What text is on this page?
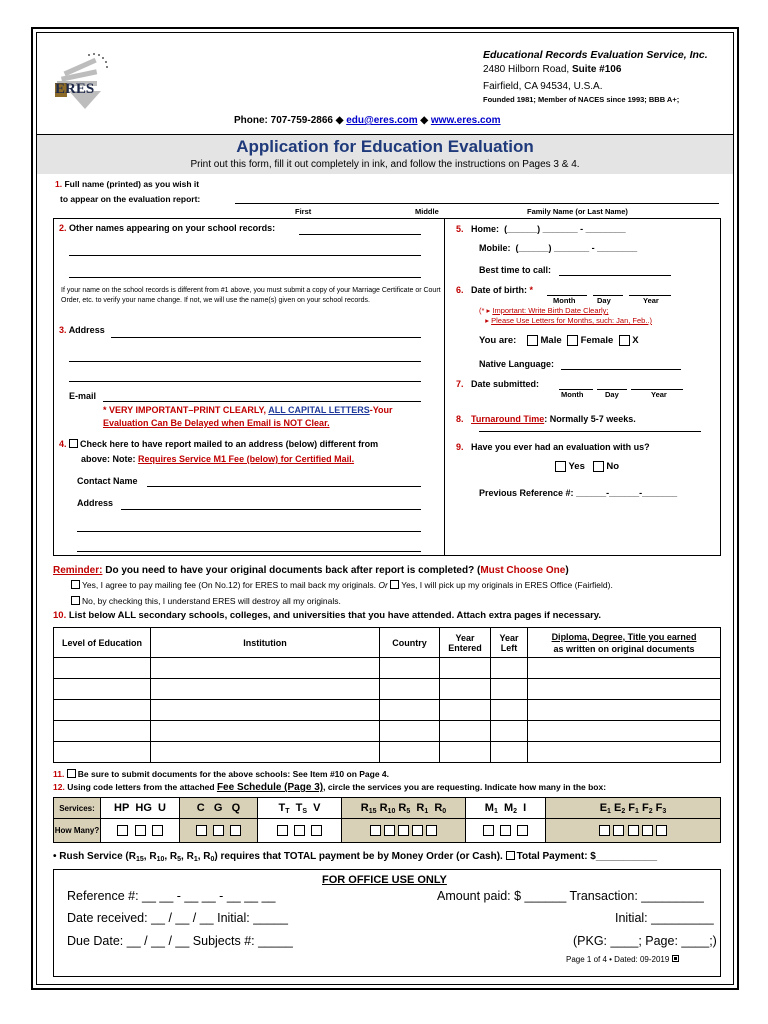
ERES
Educational Records Evaluation Service, Inc.
2480 Hilborn Road, Suite #106
Fairfield, CA 94534, U.S.A.
Founded 1981; Member of NACES since 1993; BBB A+;
Phone: 707-759-2866 ◆ edu@eres.com ◆ www.eres.com
Application for Education Evaluation
Print out this form, fill it out completely in ink, and follow the instructions on Pages 3 & 4.
1. Full name (printed) as you wish it
to appear on the evaluation report:
First	Middle	Family Name (or Last Name)
2. Other names appearing on your school records:
If your name on the school records is different from #1 above, you must submit a copy of your Marriage Certificate or Court Order, etc. to verify your name change. If not, we will use the name(s) given on your school records.
3. Address
E-mail
* VERY IMPORTANT–PRINT CLEARLY, ALL CAPITAL LETTERS-Your
Evaluation Can Be Delayed when Email is NOT Clear.
4. Check here to have report mailed to an address (below) different from
above: Note: Requires Service M1 Fee (below) for Certified Mail.
Contact Name
Address
5. Home: (______) _______ - ________
Mobile: (______) _______ - ________
Best time to call:
6. Date of birth: *
Month	Day	Year
(* ▸ Important: Write Birth Date Clearly;
▸ Please Use Letters for Months, such: Jan, Feb..)
You are:	Male Female X
Native Language:
7. Date submitted:
Month	Day	Year
8. Turnaround Time: Normally 5-7 weeks.
9. Have you ever had an evaluation with us?
Yes No
Previous Reference #: ______-______-_______
Reminder: Do you need to have your original documents back after report is completed? (Must Choose One)
Yes, I agree to pay mailing fee (On No.12) for ERES to mail back my originals. Or Yes, I will pick up my originals in ERES Office (Fairfield).
No, by checking this, I understand ERES will destroy all my originals.
10. List below ALL secondary schools, colleges, and universities that you have attended. Attach extra pages if necessary.
Level of Education	Institution	Country	Year Entered	Year Left	Diploma, Degree, Title you earned
as written on original documents

11. Be sure to submit documents for the above schools: See Item #10 on Page 4.
12. Using code letters from the attached Fee Schedule (Page 3), circle the services you are requesting. Indicate how many in the box:
Services:	HP  HG  U	C   G   Q	$T_T$  $T_S$  V	$R_{15}$ $R_{10}$ $R_5$  $R_1$  $R_0$	$M_1$  $M_2$  I	$E_1$ $E_2$ $F_1$ $F_2$ $F_3$
How Many?						
• Rush Service ($R_{15}$, $R_{10}$, $R_5$, $R_1$, $R_0$) requires that TOTAL payment be by Money Order (or Cash). Total Payment: $___________
FOR OFFICE USE ONLY
Reference #: __ __ - __ __ - __ __ __	Amount paid: $ ______ Transaction: _________
Date received: __ / __ / __ Initial: _____	Initial: _________
Due Date: __ / __ / __ Subjects #: _____	(PKG: ____; Page: ____;)
Page 1 of 4 • Dated: 09-2019
